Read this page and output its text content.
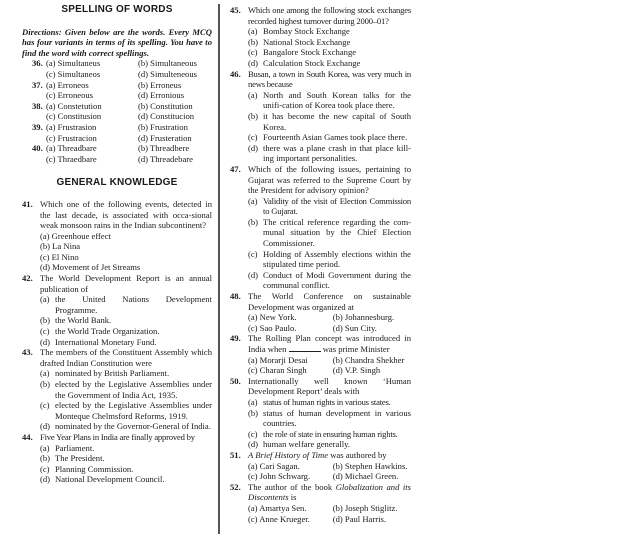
SPELLING OF WORDS
Directions: Given below are the words. Every MCQ has four variants in terms of its spelling. You have to find the word with correct spellings.
36. (a) Simultaneus	(b) Simultaneous
(c) Simultaneos	(d) Simulteneous
37. (a) Erroneos	(b) Erroneus
(c) Erroneous	(d) Erronious
38. (a) Constetution	(b) Constitution
(c) Constitusion	(d) Constitucion
39. (a) Frustrasion	(b) Frustration
(c) Frustracion	(d) Frusteration
40. (a) Threadbare	(b) Threadbere
(c) Thraedbare	(d) Threadebare
GENERAL KNOWLEDGE
41. Which one of the following events, detected in the last decade, is associated with occa-sional weak monsoon rains in the Indian subcontinent?
(a) Greenhoue effect
(b) La Nina
(c) El Nino
(d) Movement of Jet Streams
42. The World Development Report is an annual publication of
(a) the United Nations Development Programme.
(b) the World Bank.
(c) the World Trade Organization.
(d) International Monetary Fund.
43. The members of the Constituent Assembly which drafted Indian Constitution were
(a) nominated by British Parliament.
(b) elected by the Legislative Assemblies under the Government of India Act, 1935.
(c) elected by the Legislative Assemblies under Monteque Chelmsford Reforms, 1919.
(d) nominated by the Governor-General of India.
44. Five Year Plans in India are finally approved by
(a) Parliament.
(b) The President.
(c) Planning Commission.
(d) National Development Council.
45. Which one among the following stock exchanges recorded highest turnover during 2000–01?
(a) Bombay Stock Exchange
(b) National Stock Exchange
(c) Bangalore Stock Exchange
(d) Calculation Stock Exchange
46. Busan, a town in South Korea, was very much in news because
(a) North and South Korean talks for the unifi-cation of Korea took place there.
(b) it has become the new capital of South Korea.
(c) Fourteenth Asian Games took place there.
(d) there was a plane crash in that place kill-ing important personalities.
47. Which of the following issues, pertaining to Gujarat was referred to the Supreme Court by the President for advisory opinion?
(a) Validity of the visit of Election Commission to Gujarat.
(b) The critical reference regarding the com-munal situation by the Chief Election Commissioner.
(c) Holding of Assembly elections within the stipulated time period.
(d) Conduct of Modi Government during the communal conflict.
48. The World Conference on sustainable Development was organized at
(a) New York.	(b) Johannesburg.
(c) Sao Paulo.	(d) Sun City.
49. The Rolling Plan concept was introduced in India when	was prime Minister
(a) Morarji Desai	(b) Chandra Shekher
(c) Charan Singh	(d) V.P. Singh
50. Internationally well known ‘Human Development Report’ deals with
(a) status of human rights in various states.
(b) status of human development in various countries.
(c) the role of state in ensuring human rights.
(d) human welfare generally.
51. A Brief History of Time was authored by
(a) Cari Sagan.	(b) Stephen Hawkins.
(c) John Schwarg.	(d) Michael Green.
52. The author of the book Globalization and its Discontents is
(a) Amartya Sen.	(b) Joseph Stiglitz.
(c) Anne Krueger.	(d) Paul Harris.
